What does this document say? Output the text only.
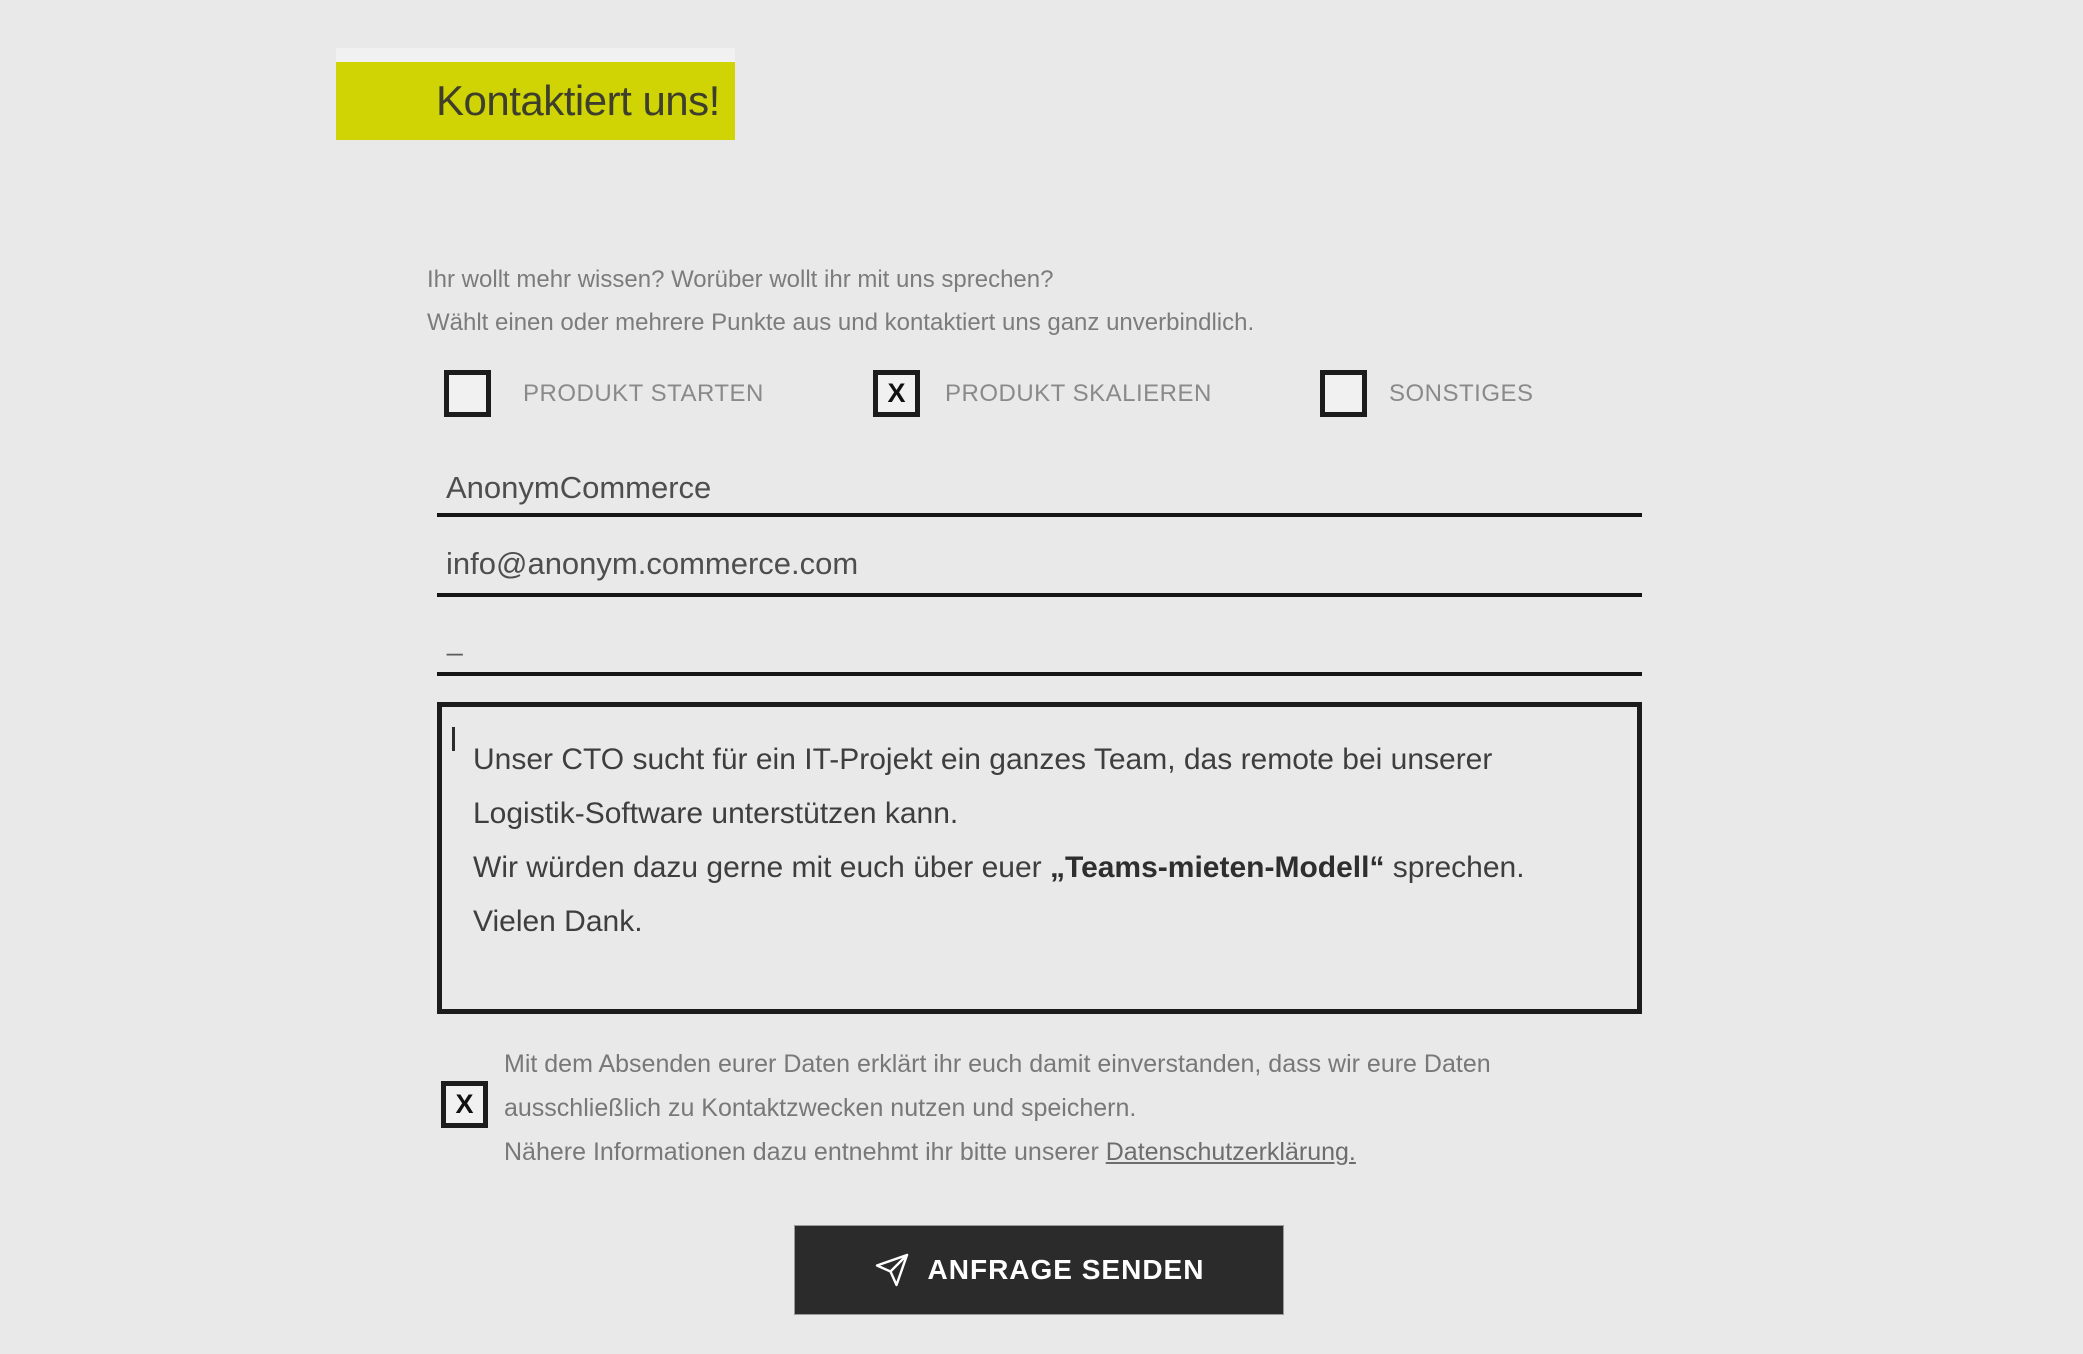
Kontaktiert uns!
Ihr wollt mehr wissen? Worüber wollt ihr mit uns sprechen?
Wählt einen oder mehrere Punkte aus und kontaktiert uns ganz unverbindlich.
PRODUKT STARTEN	X PRODUKT SKALIEREN	SONSTIGES
AnonymCommerce
info@anonym.commerce.com
_
Unser CTO sucht für ein IT-Projekt ein ganzes Team, das remote bei unserer
Logistik-Software unterstützen kann.
Wir würden dazu gerne mit euch über euer „Teams-mieten-Modell“ sprechen.
Vielen Dank.
X
Mit dem Absenden eurer Daten erklärt ihr euch damit einverstanden, dass wir eure Daten
ausschließlich zu Kontaktzwecken nutzen und speichern.
Nähere Informationen dazu entnehmt ihr bitte unserer Datenschutzerklärung.
ANFRAGE SENDEN
